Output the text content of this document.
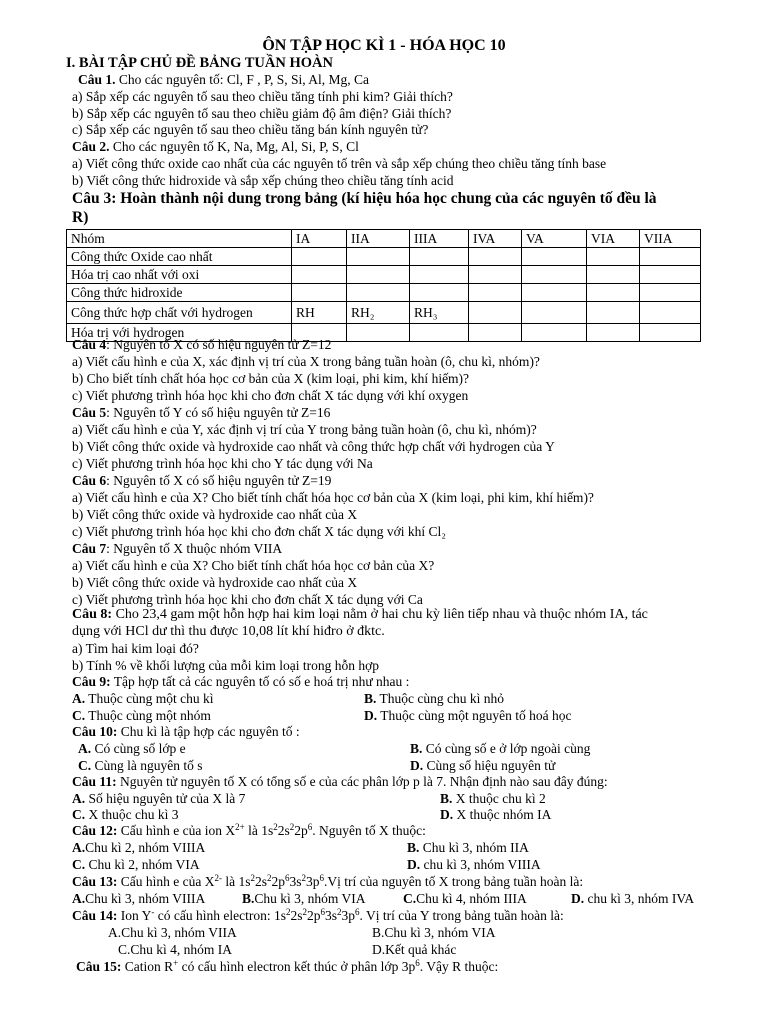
ÔN TẬP HỌC KÌ 1 - HÓA HỌC 10
I. BÀI TẬP CHỦ ĐỀ BẢNG TUẦN HOÀN
Câu 1. Cho các nguyên tố: Cl, F , P, S, Si, Al, Mg, Ca
a) Sắp xếp các nguyên tố sau theo chiều tăng tính phi kim? Giải thích?
b) Sắp xếp các nguyên tố sau theo chiều giảm độ âm điện? Giải thích?
c) Sắp xếp các nguyên tố sau theo chiều tăng bán kính nguyên tử?
Câu 2. Cho các nguyên tố K, Na, Mg, Al, Si, P, S, Cl
a) Viết công thức oxide cao nhất của các nguyên tố trên và sắp xếp chúng theo chiều tăng tính base
b) Viết công thức hidroxide và sắp xếp chúng theo chiều tăng tính acid
Câu 3: Hoàn thành nội dung trong bảng (kí hiệu hóa học chung của các nguyên tố đều là
R)
Nhóm	IA	IIA	IIIA	IVA	VA	VIA	VIIA
Công thức Oxide cao nhất							
Hóa trị cao nhất với oxi							
Công thức hidroxide							
Công thức hợp chất với hydrogen	RH	RH₂	RH₃				
Hóa trị với hydrogen							
Câu 4: Nguyên tố X có số hiệu nguyên tử Z=12
a) Viết cấu hình e của X, xác định vị trí của X trong bảng tuần hoàn (ô, chu kì, nhóm)?
b) Cho biết tính chất hóa học cơ bản của X (kim loại, phi kim, khí hiếm)?
c) Viết phương trình hóa học khi cho đơn chất X tác dụng với khí oxygen
Câu 5: Nguyên tố Y có số hiệu nguyên tử Z=16
a) Viết cấu hình e của Y, xác định vị trí của Y trong bảng tuần hoàn (ô, chu kì, nhóm)?
b) Viết công thức oxide và hydroxide cao nhất và công thức hợp chất với hydrogen của Y
c) Viết phương trình hóa học khi cho Y tác dụng với Na
Câu 6: Nguyên tố X có số hiệu nguyên tử Z=19
a) Viết cấu hình e của X? Cho biết tính chất hóa học cơ bản của X (kim loại, phi kim, khí hiếm)?
b) Viết công thức oxide và hydroxide cao nhất của X
c) Viết phương trình hóa học khi cho đơn chất X tác dụng với khí Cl₂
Câu 7: Nguyên tố X thuộc nhóm VIIA
a) Viết cấu hình e của X? Cho biết tính chất hóa học cơ bản của X?
b) Viết công thức oxide và hydroxide cao nhất của X
c) Viết phương trình hóa học khi cho đơn chất X tác dụng với Ca
Câu 8: Cho 23,4 gam một hỗn hợp hai kim loại nằm ở hai chu kỳ liên tiếp nhau và thuộc nhóm IA, tác
dụng với HCl dư thì thu được 10,08 lít khí hiđro ở đktc.
a) Tìm hai kim loại đó?
b) Tính % về khối lượng của mỗi kim loại trong hỗn hợp
Câu 9: Tập hợp tất cả các nguyên tố có số e hoá trị như nhau :
A. Thuộc cùng một chu kì	B. Thuộc cùng chu kì nhỏ
C. Thuộc cùng một nhóm	D. Thuộc cùng một nguyên tố hoá học
Câu 10: Chu kì là tập hợp các nguyên tố :
A. Có cùng số lớp e	B. Có cùng số e ở lớp ngoài cùng
C. Cùng là nguyên tố s	D. Cùng số hiệu nguyên tử
Câu 11: Nguyên tử nguyên tố X có tổng số e của các phân lớp p là 7. Nhận định nào sau đây đúng:
A. Số hiệu nguyên tử của X là 7	B. X thuộc chu kì 2
C. X thuộc chu kì 3	D. X thuộc nhóm IA
Câu 12: Cấu hình e của ion $X^{2+}$ là $1s^22s^22p^6$. Nguyên tố X thuộc:
A.Chu kì 2, nhóm VIIIA	B. Chu kì 3, nhóm IIA
C. Chu kì 2, nhóm VIA	D. chu kì 3, nhóm VIIIA
Câu 13: Cấu hình e của $X^{2-}$ là $1s^22s^22p^63s^23p^6.Vị$ trí của nguyên tố X trong bảng tuần hoàn là:
A.Chu kì 3, nhóm VIIIA	B.Chu kì 3, nhóm VIA	C.Chu kì 4, nhóm IIIA	D. chu kì 3, nhóm IVA
Câu 14: Ion Y- có cấu hình electron: $1s^22s^22p^63s^23p^6$. Vị trí của Y trong bảng tuần hoàn là:
A.Chu kì 3, nhóm VIIA	B.Chu kì 3, nhóm VIA
C.Chu kì 4, nhóm IA	D.Kết quả khác
Câu 15: Cation R+ có cấu hình electron kết thúc ở phân lớp $3p^6$. Vậy R thuộc:
